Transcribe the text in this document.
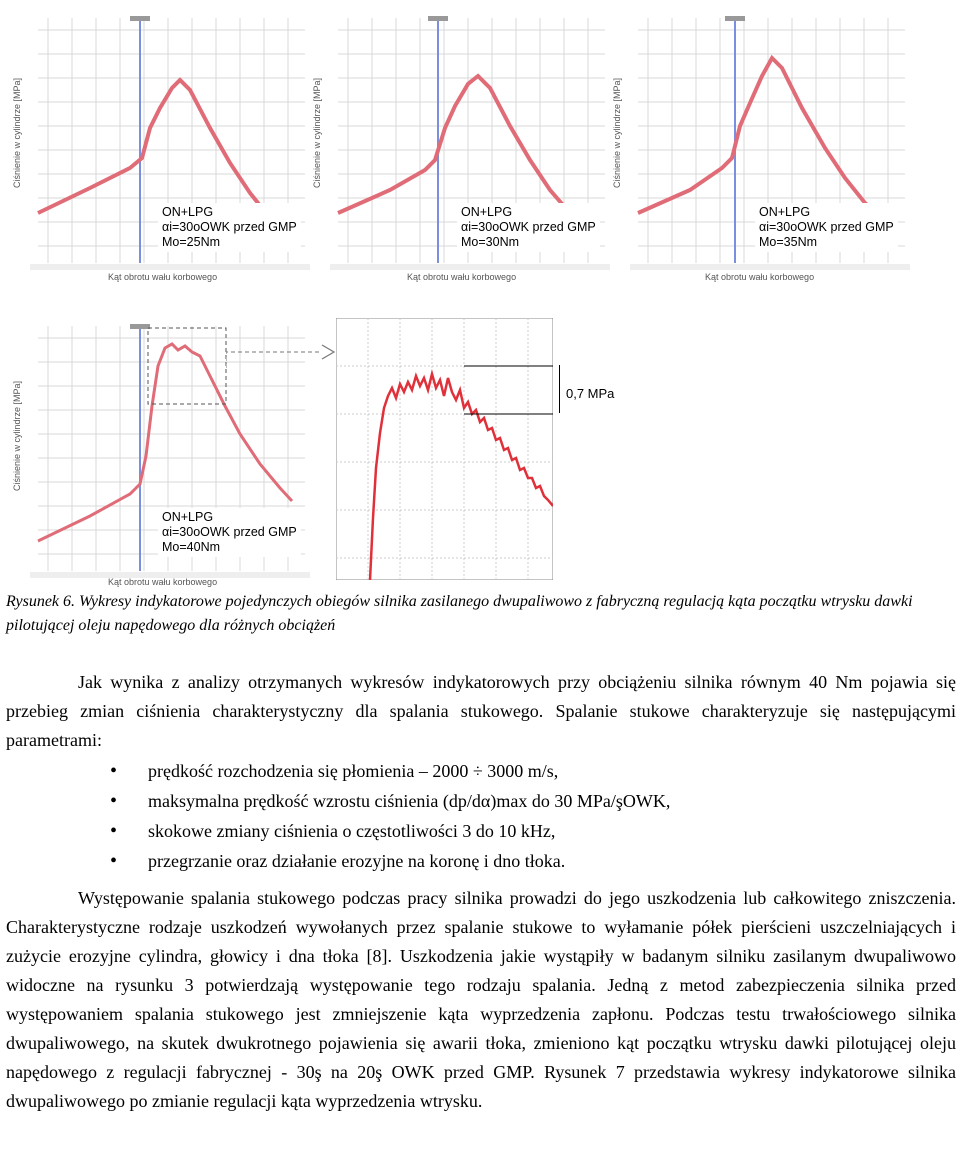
Ciśnienie w cylindrze [MPa]
ON+LPG
αi=30oOWK przed GMP
Mo=25Nm
Kąt obrotu wału korbowego
Ciśnienie w cylindrze [MPa]
ON+LPG
αi=30oOWK przed GMP
Mo=30Nm
Kąt obrotu wału korbowego
Ciśnienie w cylindrze [MPa]
ON+LPG
αi=30oOWK przed GMP
Mo=35Nm
Kąt obrotu wału korbowego
Ciśnienie w cylindrze [MPa]
ON+LPG
αi=30oOWK przed GMP
Mo=40Nm
Kąt obrotu wału korbowego
0,7 MPa
Rysunek 6. Wykresy indykatorowe pojedynczych obiegów silnika zasilanego dwupaliwowo z fabryczną regulacją kąta początku wtrysku dawki pilotującej oleju napędowego dla różnych obciążeń
Jak wynika z analizy otrzymanych wykresów indykatorowych przy obciążeniu silnika równym 40 Nm pojawia się przebieg zmian ciśnienia charakterystyczny dla spalania stukowego. Spalanie stukowe charakteryzuje się następującymi parametrami:
• prędkość rozchodzenia się płomienia – 2000 ÷ 3000 m/s,
• maksymalna prędkość wzrostu ciśnienia (dp/dα)max do 30 MPa/şOWK,
• skokowe zmiany ciśnienia o częstotliwości 3 do 10 kHz,
• przegrzanie oraz działanie erozyjne na koronę i dno tłoka.
Występowanie spalania stukowego podczas pracy silnika prowadzi do jego uszkodzenia lub całkowitego zniszczenia. Charakterystyczne rodzaje uszkodzeń wywołanych przez spalanie stukowe to wyłamanie półek pierścieni uszczelniających i zużycie erozyjne cylindra, głowicy i dna tłoka [8]. Uszkodzenia jakie wystąpiły w badanym silniku zasilanym dwupaliwowo widoczne na rysunku 3 potwierdzają występowanie tego rodzaju spalania. Jedną z metod zabezpieczenia silnika przed występowaniem spalania stukowego jest zmniejszenie kąta wyprzedzenia zapłonu. Podczas testu trwałościowego silnika dwupaliwowego, na skutek dwukrotnego pojawienia się awarii tłoka, zmieniono kąt początku wtrysku dawki pilotującej oleju napędowego z regulacji fabrycznej - 30ş na 20ş OWK przed GMP. Rysunek 7 przedstawia wykresy indykatorowe silnika dwupaliwowego po zmianie regulacji kąta wyprzedzenia wtrysku.
